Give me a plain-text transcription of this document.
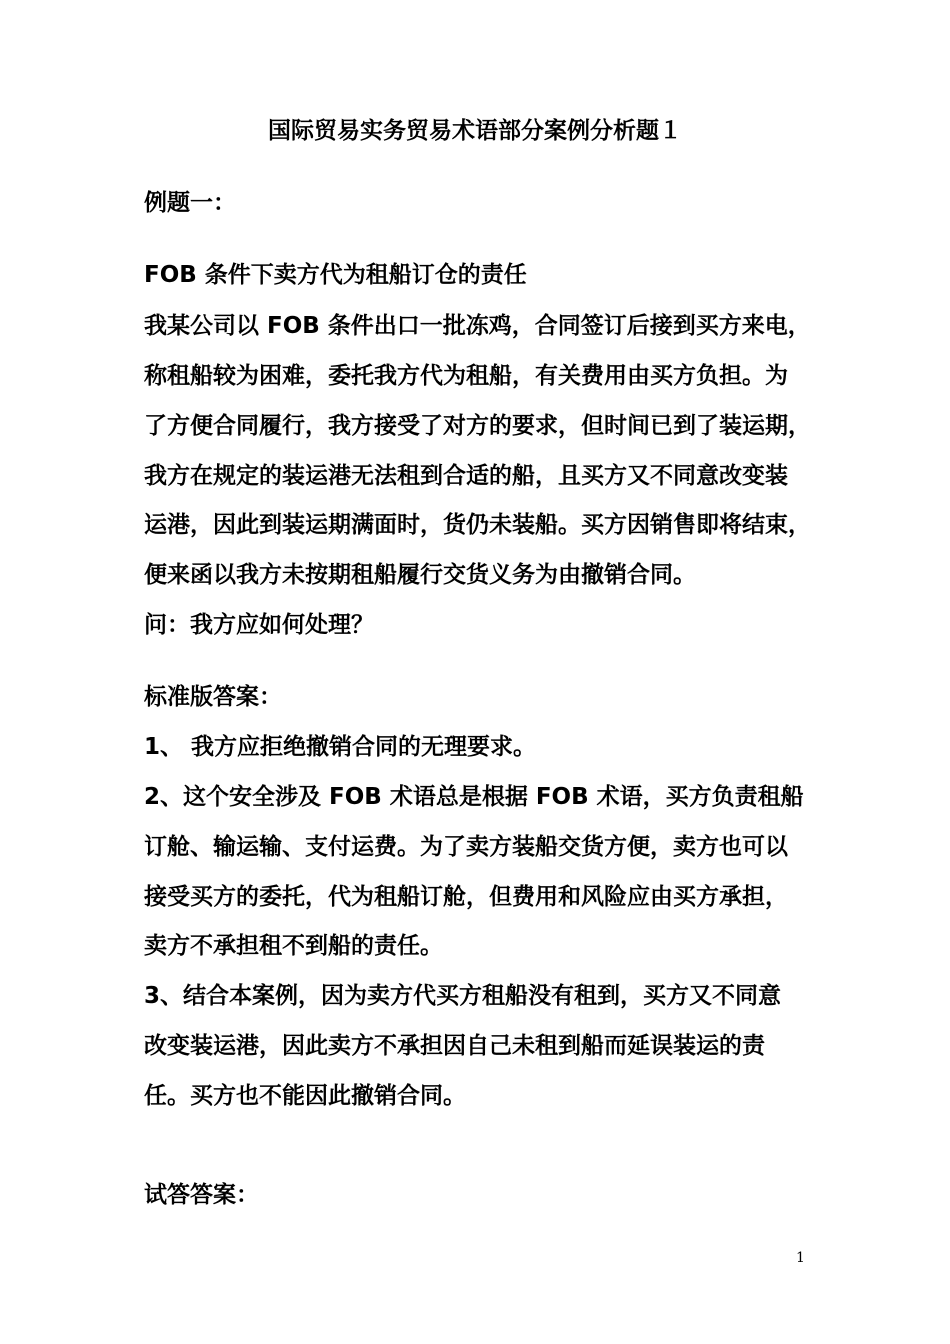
国际贸易实务贸易术语部分案例分析题１
例题一：
FOB 条件下卖方代为租船订仓的责任
我某公司以 FOB 条件出口一批冻鸡，合同签订后接到买方来电，
称租船较为困难，委托我方代为租船，有关费用由买方负担。为
了方便合同履行，我方接受了对方的要求，但时间已到了装运期，
我方在规定的装运港无法租到合适的船，且买方又不同意改变装
运港，因此到装运期满面时，货仍未装船。买方因销售即将结束，
便来函以我方未按期租船履行交货义务为由撤销合同。
问：我方应如何处理？
标准版答案：
1、 我方应拒绝撤销合同的无理要求。
2、这个安全涉及 FOB 术语总是根据 FOB 术语，买方负责租船
订舱、输运输、支付运费。为了卖方装船交货方便，卖方也可以
接受买方的委托，代为租船订舱，但费用和风险应由买方承担，
卖方不承担租不到船的责任。
3、结合本案例，因为卖方代买方租船没有租到，买方又不同意
改变装运港，因此卖方不承担因自己未租到船而延误装运的责
任。买方也不能因此撤销合同。
试答答案：
1
